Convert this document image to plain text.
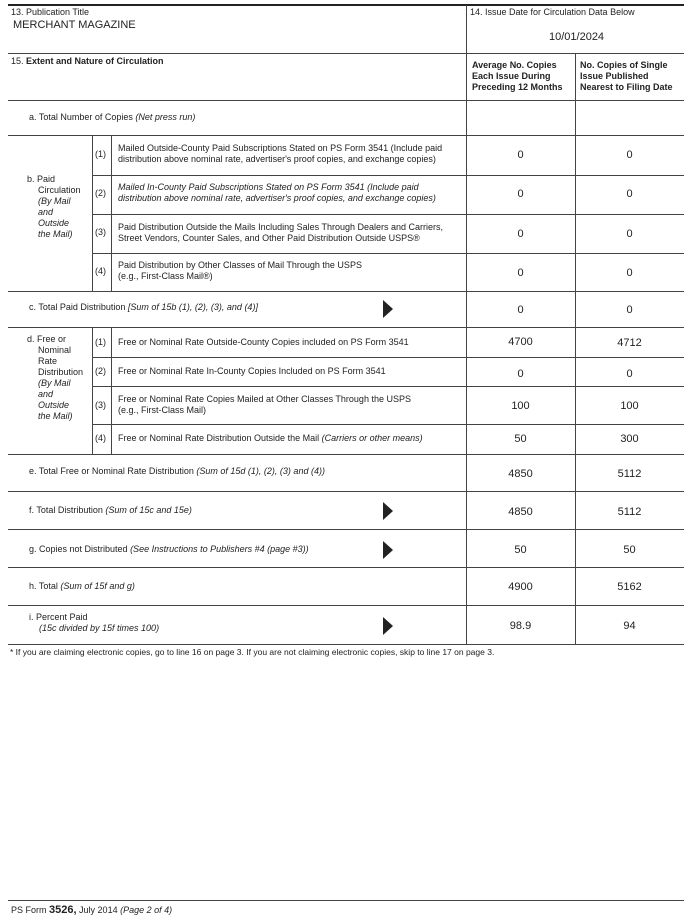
13. Publication Title
MERCHANT MAGAZINE
14. Issue Date for Circulation Data Below
10/01/2024
15. Extent and Nature of Circulation	Average No. Copies
Each Issue During
Preceding 12 Months
No. Copies of Single
Issue Published
Nearest to Filing Date
a. Total Number of Copies (Net press run)
b. Paid
Circulation
(By Mail
and
Outside
the Mail)
(1)
Mailed Outside-County Paid Subscriptions Stated on PS Form 3541 (Include paid
distribution above nominal rate, advertiser's proof copies, and exchange copies)	0	0
(2)
Mailed In-County Paid Subscriptions Stated on PS Form 3541 (Include paid
distribution above nominal rate, advertiser's proof copies, and exchange copies)	0	0
(3) Paid Distribution Outside the Mails Including Sales Through Dealers and Carriers,
Street Vendors, Counter Sales, and Other Paid Distribution Outside USPS®	0	0
(4)
Paid Distribution by Other Classes of Mail Through the USPS
(e.g., First-Class Mail®)	0	0
c. Total Paid Distribution [Sum of 15b (1), (2), (3), and (4)]	0	0
d. Free or
Nominal
Rate
Distribution
(By Mail
and
Outside
the Mail)
(1) Free or Nominal Rate Outside-County Copies included on PS Form 3541	4700	4712
(2) Free or Nominal Rate In-County Copies Included on PS Form 3541	0	0
(3)
Free or Nominal Rate Copies Mailed at Other Classes Through the USPS
(e.g., First-Class Mail)	100	100
(4) Free or Nominal Rate Distribution Outside the Mail (Carriers or other means)	50	300
e. Total Free or Nominal Rate Distribution (Sum of 15d (1), (2), (3) and (4))	4850	5112
f. Total Distribution (Sum of 15c and 15e)	4850	5112
g. Copies not Distributed (See Instructions to Publishers #4 (page #3))	50	50
h. Total (Sum of 15f and g)	4900	5162
i. Percent Paid
(15c divided by 15f times 100)	98.9	94
* If you are claiming electronic copies, go to line 16 on page 3. If you are not claiming electronic copies, skip to line 17 on page 3.
PS Form 3526, July 2014 (Page 2 of 4)
